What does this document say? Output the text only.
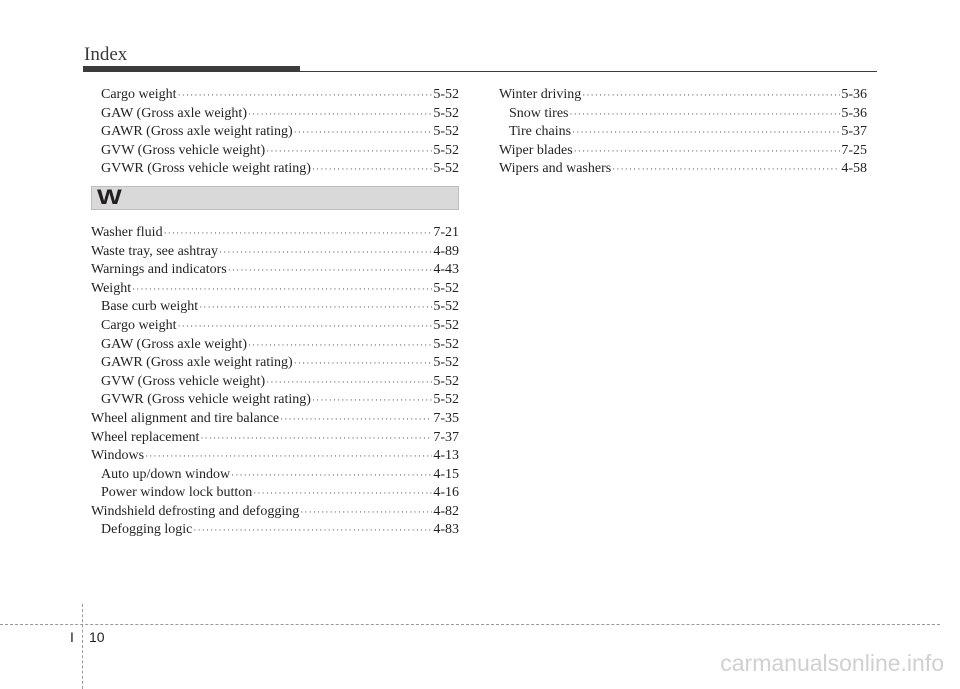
Index
Cargo weight ·····	5-52
GAW (Gross axle weight) ·····	5-52
GAWR (Gross axle weight rating) ·····	5-52
GVW (Gross vehicle weight) ·····	5-52
GVWR (Gross vehicle weight rating) ·····	5-52
W
Washer fluid ·····	7-21
Waste tray, see ashtray ·····	4-89
Warnings and indicators ·····	4-43
Weight ·····	5-52
Base curb weight ·····	5-52
Cargo weight ·····	5-52
GAW (Gross axle weight) ·····	5-52
GAWR (Gross axle weight rating) ·····	5-52
GVW (Gross vehicle weight) ·····	5-52
GVWR (Gross vehicle weight rating) ·····	5-52
Wheel alignment and tire balance ·····	7-35
Wheel replacement ·····	7-37
Windows ·····	4-13
Auto up/down window ·····	4-15
Power window lock button ·····	4-16
Windshield defrosting and defogging ·····	4-82
Defogging logic ·····	4-83
Winter driving ·····	5-36
Snow tires ·····	5-36
Tire chains ·····	5-37
Wiper blades ·····	7-25
Wipers and washers ·····	4-58
I 10
carmanualsonline.info
